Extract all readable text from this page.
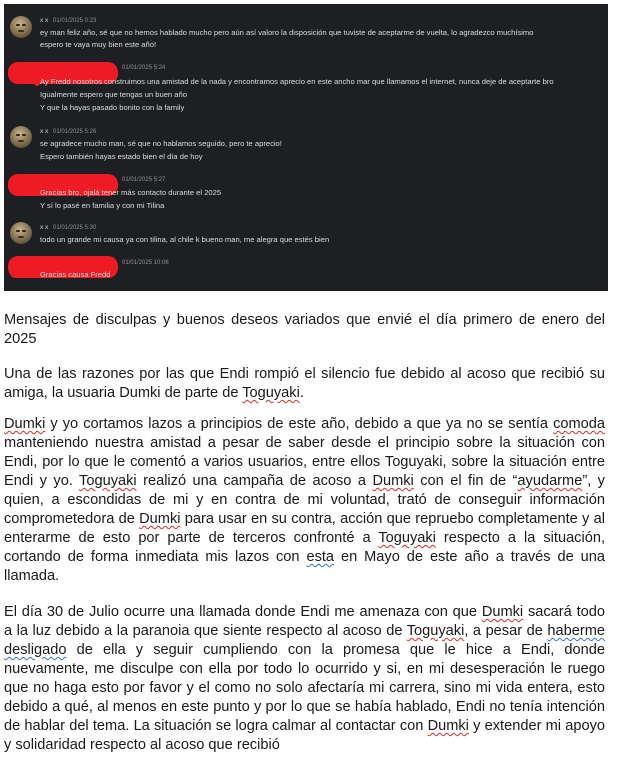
x x 01/01/2025 0:23
ey man feliz año, sé que no hemos hablado mucho pero aún así valoro la disposición que tuviste de aceptarme de vuelta, lo agradezco muchísimo
espero te vaya muy bien este año!
01/01/2025 5:24
Ay Fredd nosotros construimos una amistad de la nada y encontramos aprecio en este ancho mar que llamamos el internet, nunca deje de aceptarte bro
Igualmente espero que tengas un buen año
Y que la hayas pasado bonito con la family
x x 01/01/2025 5:26
se agradece mucho man, sé que no hablamos seguido, pero te aprecio!
Espero también hayas estado bien el día de hoy
01/01/2025 5:27
Gracias bro, ojalá tener más contacto durante el 2025
Y sí lo pasé en familia y con mi Tilina
x x 01/01/2025 5:30
todo un grande mi causa ya con tilina, al chile k bueno man, me alegra que estés bien
01/01/2025 10:06
Gracias causa Fredd

Mensajes de disculpas y buenos deseos variados que envié el día primero de enero del 2025

Una de las razones por las que Endi rompió el silencio fue debido al acoso que recibió su amiga, la usuaria Dumki de parte de Toguyaki.

Dumki y yo cortamos lazos a principios de este año, debido a que ya no se sentía comoda manteniendo nuestra amistad a pesar de saber desde el principio sobre la situación con Endi, por lo que le comentó a varios usuarios, entre ellos Toguyaki, sobre la situación entre Endi y yo. Toguyaki realizó una campaña de acoso a Dumki con el fin de “ayudarme”, y quien, a escondidas de mi y en contra de mi voluntad, trató de conseguir información comprometedora de Dumki para usar en su contra, acción que repruebo completamente y al enterarme de esto por parte de terceros confronté a Toguyaki respecto a la situación, cortando de forma inmediata mis lazos con esta en Mayo de este año a través de una llamada.

El día 30 de Julio ocurre una llamada donde Endi me amenaza con que Dumki sacará todo a la luz debido a la paranoia que siente respecto al acoso de Toguyaki, a pesar de haberme desligado de ella y seguir cumpliendo con la promesa que le hice a Endi, donde nuevamente, me disculpe con ella por todo lo ocurrido y si, en mi desesperación le ruego que no haga esto por favor y el como no solo afectaría mi carrera, sino mi vida entera, esto debido a qué, al menos en este punto y por lo que se había hablado, Endi no tenía intención de hablar del tema. La situación se logra calmar al contactar con Dumki y extender mi apoyo y solidaridad respecto al acoso que recibió
